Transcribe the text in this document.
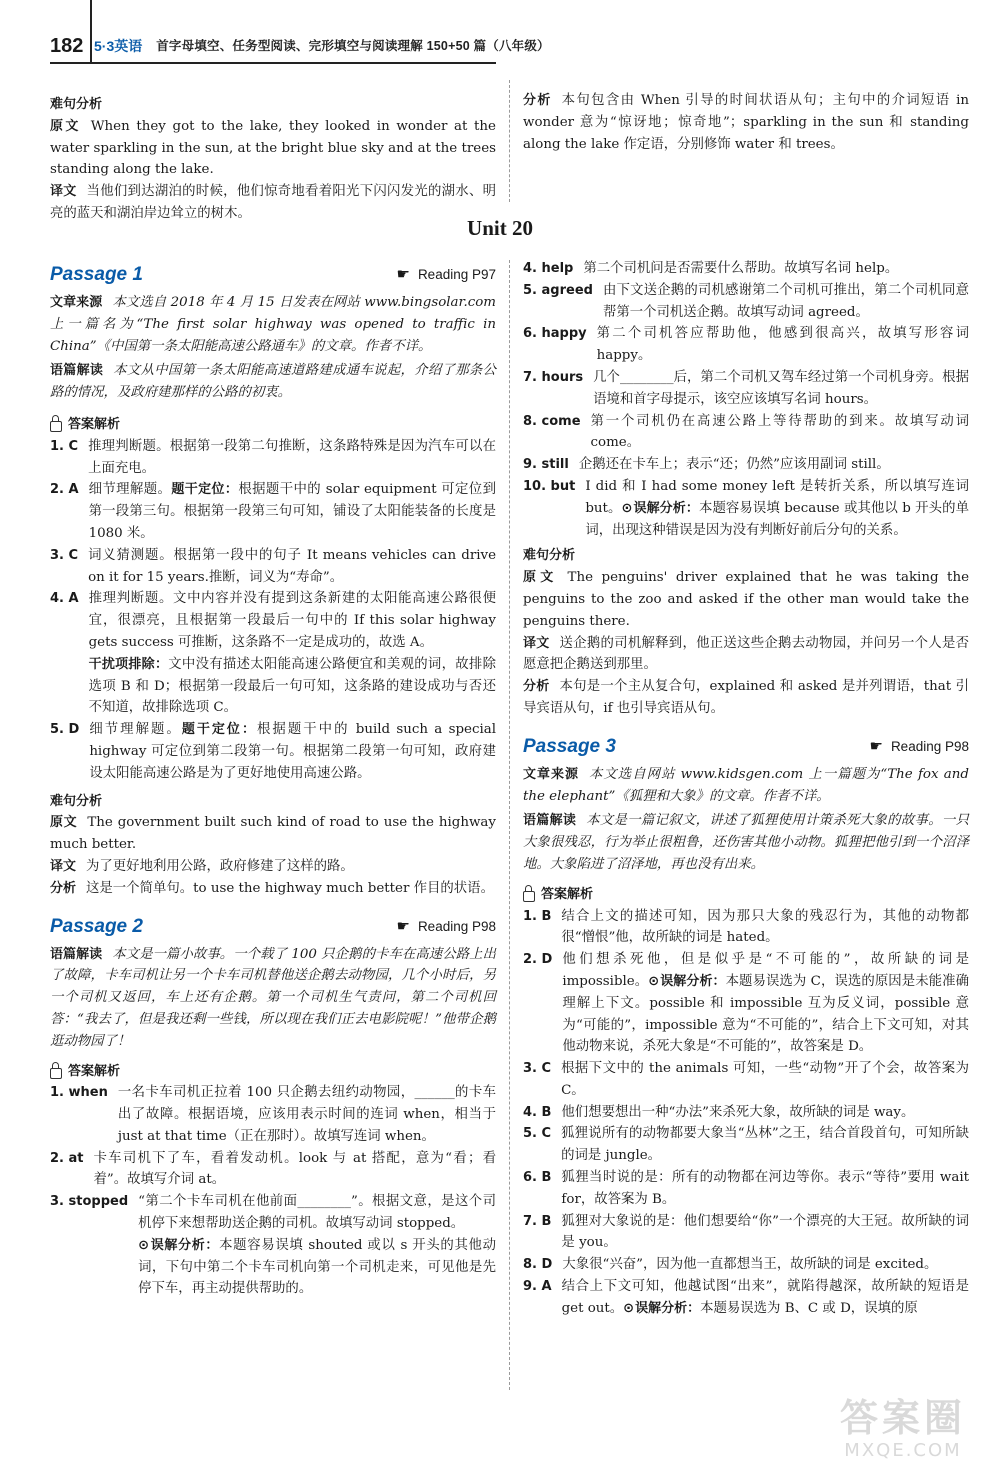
182 5·3英语 首字母填空、任务型阅读、完形填空与阅读理解 150+50 篇（八年级）
难句分析

原文 When they got to the lake, they looked in wonder at the water sparkling in the sun, at the bright blue sky and at the trees standing along the lake.

译文 当他们到达湖泊的时候，他们惊奇地看着阳光下闪闪发光的湖水、明亮的蓝天和湖泊岸边耸立的树木。

分析 本句包含由 When 引导的时间状语从句；主句中的介词短语 in wonder 意为“惊讶地；惊奇地”；sparkling in the sun 和 standing along the lake 作定语，分别修饰 water 和 trees。

Unit 20
Passage 1	☛ Reading P97

文章来源 本文选自 2018 年 4 月 15 日发表在网站 www.bingsolar.com 上一篇名为“The first solar highway was opened to traffic in China”《中国第一条太阳能高速公路通车》的文章。作者不详。

语篇解读 本文从中国第一条太阳能高速道路建成通车说起，介绍了那条公路的情况，及政府建那样的公路的初衷。

答案解析
1. C 推理判断题。根据第一段第二句推断，这条路特殊是因为汽车可以在上面充电。
2. A 细节理解题。题干定位：根据题干中的 solar equipment 可定位到第一段第三句。根据第一段第三句可知，铺设了太阳能装备的长度是 1080 米。
3. C 词义猜测题。根据第一段中的句子 It means vehicles can drive on it for 15 years.推断，词义为“寿命”。
4. A 推理判断题。文中内容并没有提到这条新建的太阳能高速公路很便宜，很漂亮，且根据第一段最后一句中的 If this solar highway gets success 可推断，这条路不一定是成功的，故选 A。
干扰项排除：文中没有描述太阳能高速公路便宜和美观的词，故排除选项 B 和 D；根据第一段最后一句可知，这条路的建设成功与否还不知道，故排除选项 C。
5. D 细节理解题。题干定位：根据题干中的 build such a special highway 可定位到第二段第一句。根据第二段第一句可知，政府建设太阳能高速公路是为了更好地使用高速公路。
难句分析

原文 The government built such kind of road to use the highway much better.

译文 为了更好地利用公路，政府修建了这样的路。

分析 这是一个简单句。to use the highway much better 作目的状语。

Passage 2	☛ Reading P98

语篇解读 本文是一篇小故事。一个载了 100 只企鹅的卡车在高速公路上出了故障，卡车司机让另一个卡车司机替他送企鹅去动物园，几个小时后，另一个司机又返回，车上还有企鹅。第一个司机生气责问，第二个司机回答：“我去了，但是我还剩一些钱，所以现在我们正去电影院呢！”他带企鹅逛动物园了！

答案解析
1. when 一名卡车司机正拉着 100 只企鹅去纽约动物园，______的卡车出了故障。根据语境，应该用表示时间的连词 when，相当于 just at that time（正在那时）。故填写连词 when。
2. at 卡车司机下了车，看着发动机。look 与 at 搭配，意为“看；看着”。故填写介词 at。
3. stopped “第二个卡车司机在他前面________”。根据文意，是这个司机停下来想帮助送企鹅的司机。故填写动词 stopped。
⊙ 误解分析：本题容易误填 shouted 或以 s 开头的其他动词，下句中第二个卡车司机向第一个司机走来，可见他是先停下车，再主动提供帮助的。
4. help 第二个司机问是否需要什么帮助。故填写名词 help。
5. agreed 由下文送企鹅的司机感谢第二个司机可推出，第二个司机同意帮第一个司机送企鹅。故填写动词 agreed。
6. happy 第二个司机答应帮助他，他感到很高兴，故填写形容词 happy。
7. hours 几个________后，第二个司机又驾车经过第一个司机身旁。根据语境和首字母提示，该空应该填写名词 hours。
8. come 第一个司机仍在高速公路上等待帮助的到来。故填写动词 come。
9. still 企鹅还在卡车上；表示“还；仍然”应该用副词 still。
10. but I did 和 I had some money left 是转折关系，所以填写连词 but。 ⊙ 误解分析：本题容易误填 because 或其他以 b 开头的单词，出现这种错误是因为没有判断好前后分句的关系。
难句分析

原文 The penguins' driver explained that he was taking the penguins to the zoo and asked if the other man would take the penguins there.

译文 送企鹅的司机解释到，他正送这些企鹅去动物园，并问另一个人是否愿意把企鹅送到那里。

分析 本句是一个主从复合句，explained 和 asked 是并列谓语，that 引导宾语从句，if 也引导宾语从句。

Passage 3	☛ Reading P98

文章来源 本文选自网站 www.kidsgen.com 上一篇题为“The fox and the elephant”《狐狸和大象》的文章。作者不详。

语篇解读 本文是一篇记叙文，讲述了狐狸使用计策杀死大象的故事。一只大象很残忍，行为举止很粗鲁，还伤害其他小动物。狐狸把他引到一个沼泽地。大象陷进了沼泽地，再也没有出来。

答案解析
1. B 结合上文的描述可知，因为那只大象的残忍行为，其他的动物都很“憎恨”他，故所缺的词是 hated。
2. D 他们想杀死他，但是似乎是“不可能的”，故所缺的词是 impossible。 ⊙ 误解分析：本题易误选为 C，误选的原因是未能准确理解上下文。possible 和 impossible 互为反义词，possible 意为“可能的”，impossible 意为“不可能的”，结合上下文可知，对其他动物来说，杀死大象是“不可能的”，故答案是 D。
3. C 根据下文中的 the animals 可知，一些“动物”开了个会，故答案为 C。
4. B 他们想要想出一种“办法”来杀死大象，故所缺的词是 way。
5. C 狐狸说所有的动物都要大象当“丛林”之王，结合首段首句，可知所缺的词是 jungle。
6. B 狐狸当时说的是：所有的动物都在河边等你。表示“等待”要用 wait for，故答案为 B。
7. B 狐狸对大象说的是：他们想要给“你”一个漂亮的大王冠。故所缺的词是 you。
8. D 大象很“兴奋”，因为他一直都想当王，故所缺的词是 excited。
9. A 结合上下文可知，他越试图“出来”，就陷得越深，故所缺的短语是 get out。 ⊙ 误解分析：本题易误选为 B、C 或 D，误填的原
答案圈
MXQE.COM
